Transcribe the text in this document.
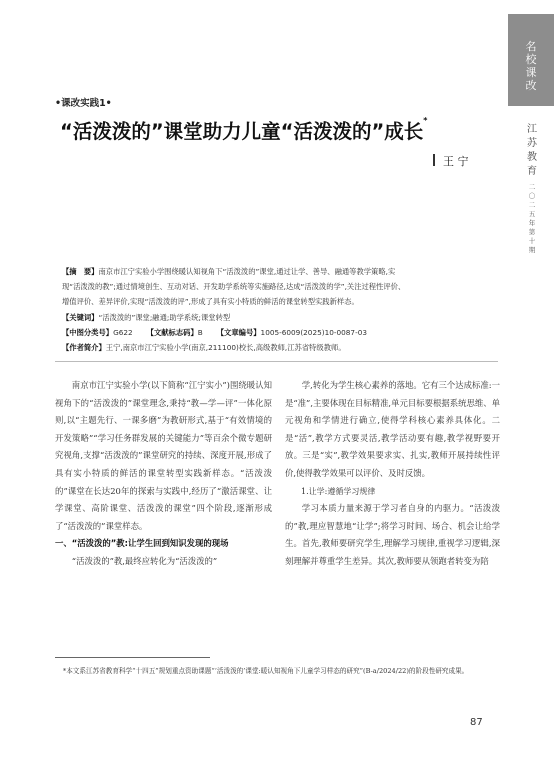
名
校
课
改
江
苏
教
育
二
〇
二
五
年
第
十
期
•课改实践1•
“活泼泼的”课堂助力儿童“活泼泼的”成长*
王 宁
【摘　要】南京市江宁实验小学围绕暖认知视角下“活泼泼的”课堂,通过让学、善导、融通等教学策略,实
现“活泼泼的教”;通过情境创生、互动对话、开发助学系统等实施路径,达成“活泼泼的学”,关注过程性评价、
增值评价、差异评价,实现“活泼泼的评”,形成了具有实小特质的鲜活的课堂转型实践新样态。
【关键词】“活泼泼的”课堂;融通;助学系统;课堂转型
【中图分类号】G622 【文献标志码】B 【文章编号】1005-6009(2025)10-0087-03
【作者简介】王宁,南京市江宁实验小学(南京,211100)校长,高级教师,江苏省特级教师。

南京市江宁实验小学(以下简称“江宁实小”)围绕暖认知视角下的“活泼泼的”课堂理念,秉持“教—学—评”一体化原则,以“主题先行、一课多磨”为教研形式,基于“有效情境的开发策略”“学习任务群发展的关键能力”等百余个微专题研究视角,支撑“活泼泼的”课堂研究的持续、深度开展,形成了具有实小特质的鲜活的课堂转型实践新样态。“活泼泼的”课堂在长达20年的探索与实践中,经历了“激活课堂、让学课堂、高阶课堂、活泼泼的课堂”四个阶段,逐渐形成了“活泼泼的”课堂样态。

一、“活泼泼的”教:让学生回到知识发现的现场

“活泼泼的”教,最终应转化为“活泼泼的”

学,转化为学生核心素养的落地。它有三个达成标准:一是“准”,主要体现在目标精准,单元目标要根据系统思维、单元视角和学情进行确立,使得学科核心素养具体化。二是“活”,教学方式要灵活,教学活动要有趣,教学视野要开放。三是“实”,教学效果要求实、扎实,教师开展持续性评价,使得教学效果可以评价、及时反馈。

1.让学:遵循学习规律

学习本质力量来源于学习者自身的内驱力。“活泼泼的”教,理应智慧地“让学”;将学习时间、场合、机会让给学生。首先,教师要研究学生,理解学习规律,重视学习逻辑,深刻理解并尊重学生差异。其次,教师要从领跑者转变为陪

*本文系江苏省教育科学“十四五”规划重点资助课题“‘活泼泼的’课堂:暖认知视角下儿童学习样态的研究”(B-a/2024/22)的阶段性研究成果。

87
